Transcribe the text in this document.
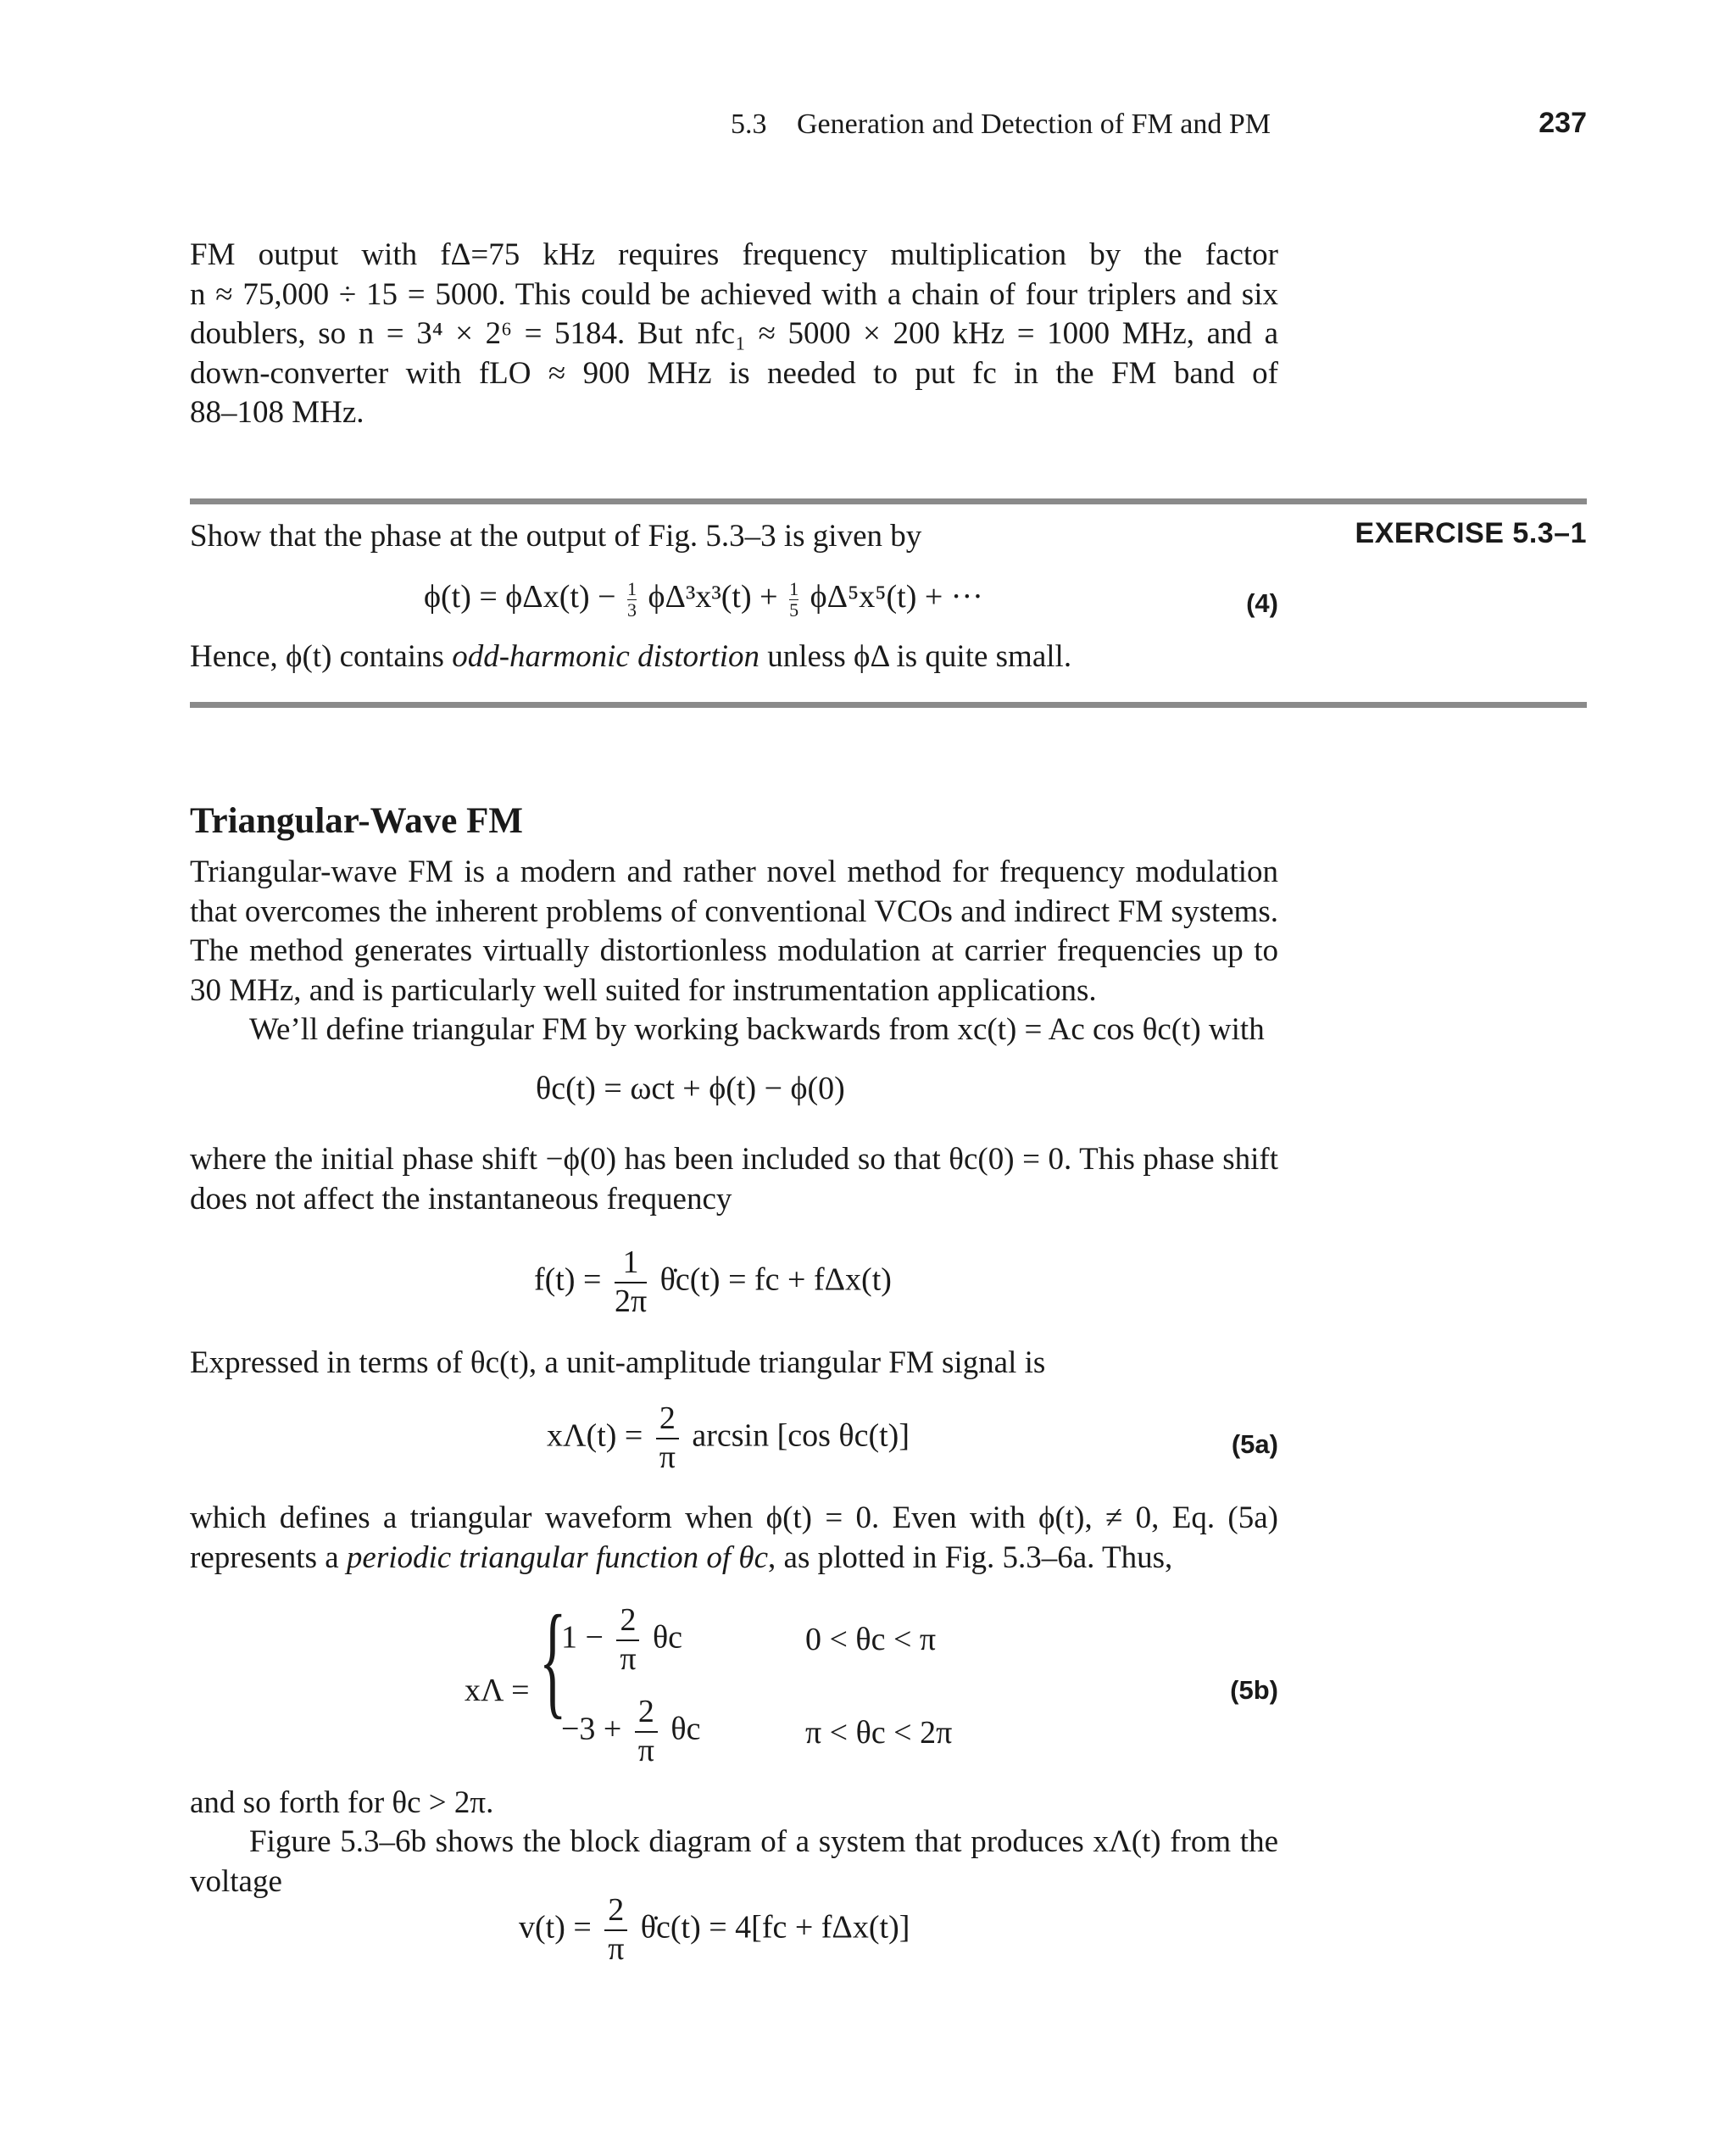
5.3 Generation and Detection of FM and PM	237
FM output with fΔ=75 kHz requires frequency multiplication by the factor
n ≈ 75,000 ÷ 15 = 5000. This could be achieved with a chain of four triplers and six
doublers, so n = 3⁴ × 2⁶ = 5184. But nfc₁ ≈ 5000 × 200 kHz = 1000 MHz, and a
down-converter with fLO ≈ 900 MHz is needed to put fc in the FM band of
88–108 MHz.
EXERCISE 5.3–1
Show that the phase at the output of Fig. 5.3–3 is given by
$\phi(t) = \phi\Delta x(t) - \frac{1}{3} \phi\Delta^3x^3(t) + \frac{1}{5} \phi\Delta^5x^5(t)$ + ···	(4)
Hence, ϕ(t) contains odd-harmonic distortion unless ϕΔ is quite small.
Triangular-Wave FM

Triangular-wave FM is a modern and rather novel method for frequency modulation that overcomes the inherent problems of conventional VCOs and indirect FM systems. The method generates virtually distortionless modulation at carrier frequencies up to 30 MHz, and is particularly well suited for instrumentation applications.

We’ll define triangular FM by working backwards from xc(t) = Ac cos θc(t) with

θc(t) = ωct + ϕ(t) − ϕ(0)
where the initial phase shift −ϕ(0) has been included so that θc(0) = 0. This phase shift does not affect the instantaneous frequency
$f(t) = \frac{1}{2\pi}$ θ̇c(t) = fc + fΔx(t)
Expressed in terms of θc(t), a unit-amplitude triangular FM signal is
$x\Lambda(t) = \frac{2}{\pi}$ arcsin [cos θc(t)]	(5a)
which defines a triangular waveform when ϕ(t) = 0. Even with ϕ(t), ≠ 0, Eq. (5a) represents a periodic triangular function of θc, as plotted in Fig. 5.3–6a. Thus,
xΛ = {
$1 - \frac{2}{\pi}$ θc	0 < θc < π
$-3 + \frac{2}{\pi}$ θc	π < θc < 2π
(5b)
and so forth for θc > 2π.
Figure 5.3–6b shows the block diagram of a system that produces xΛ(t) from the voltage
$v(t) = \frac{2}{\pi}$ θ̇c(t) = 4[fc + fΔx(t)]
